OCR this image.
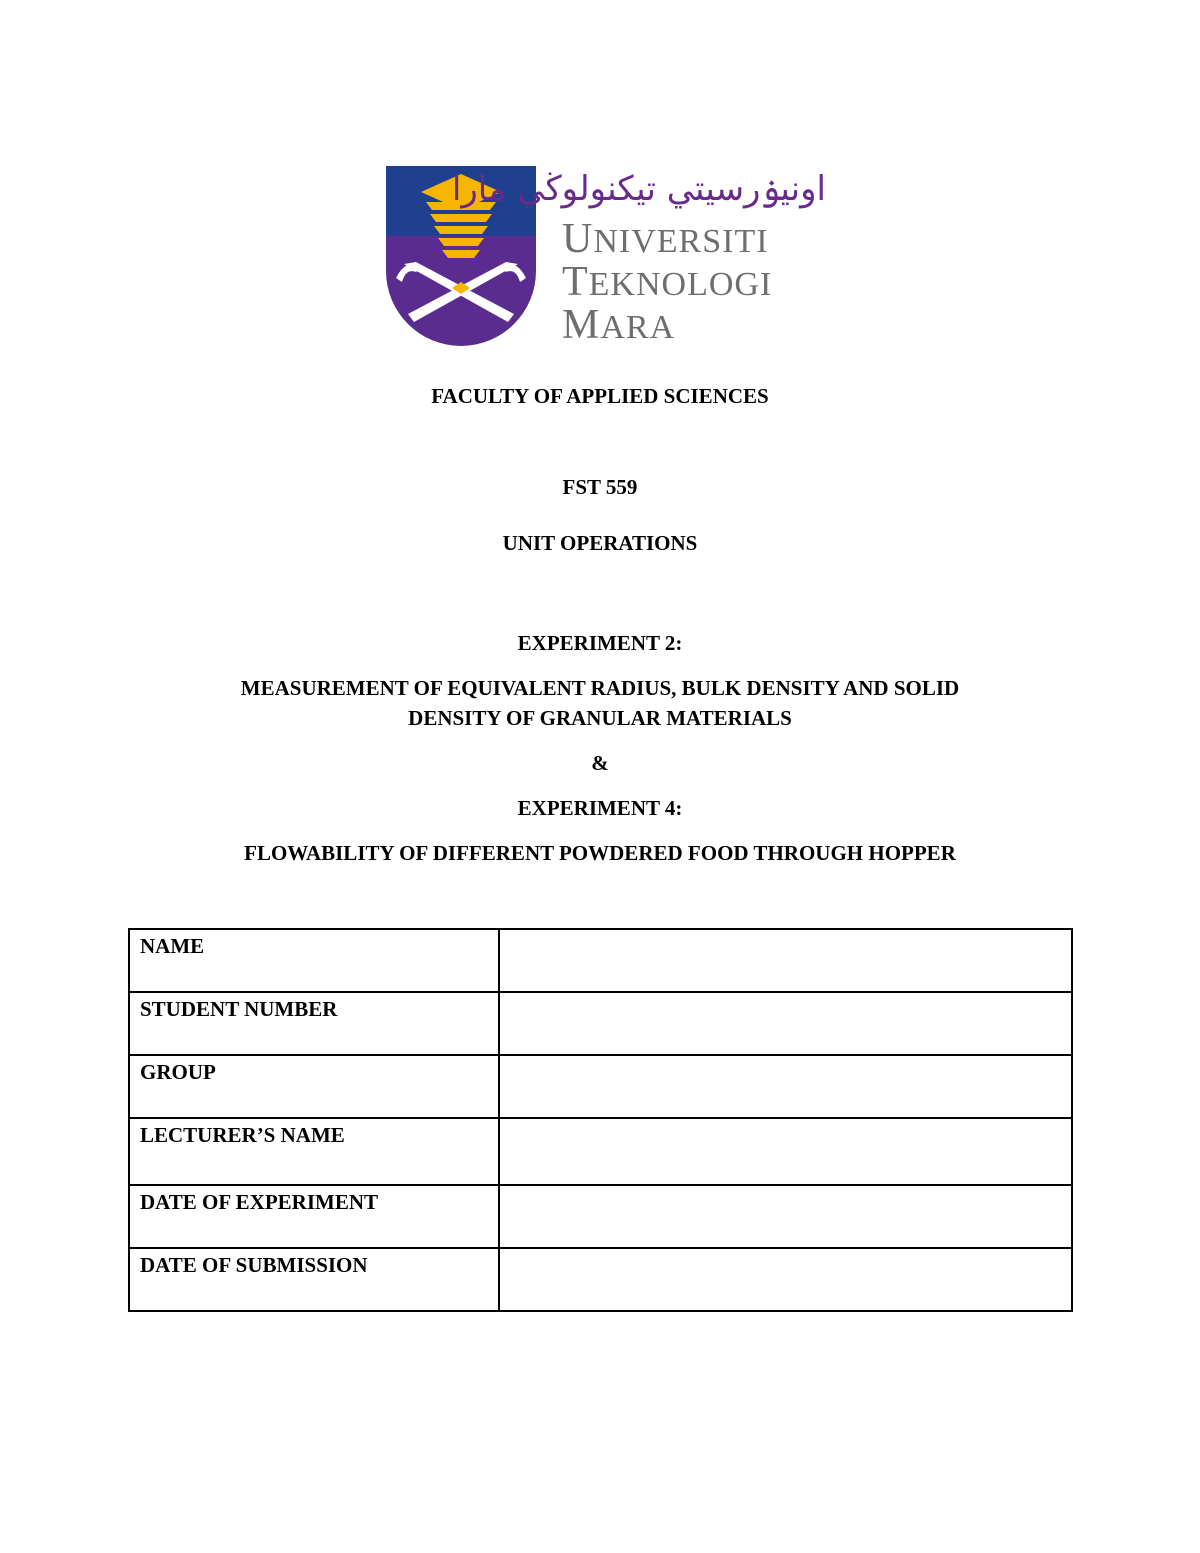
اونيۏرسيتي تيكنولوڬي مارا
UNIVERSITI
TEKNOLOGI
MARA
FACULTY OF APPLIED SCIENCES
FST 559
UNIT OPERATIONS
EXPERIMENT 2:
MEASUREMENT OF EQUIVALENT RADIUS, BULK DENSITY AND SOLID
DENSITY OF GRANULAR MATERIALS
&
EXPERIMENT 4:
FLOWABILITY OF DIFFERENT POWDERED FOOD THROUGH HOPPER
NAME	
STUDENT NUMBER	
GROUP	
LECTURER’S NAME	
DATE OF EXPERIMENT	
DATE OF SUBMISSION	
